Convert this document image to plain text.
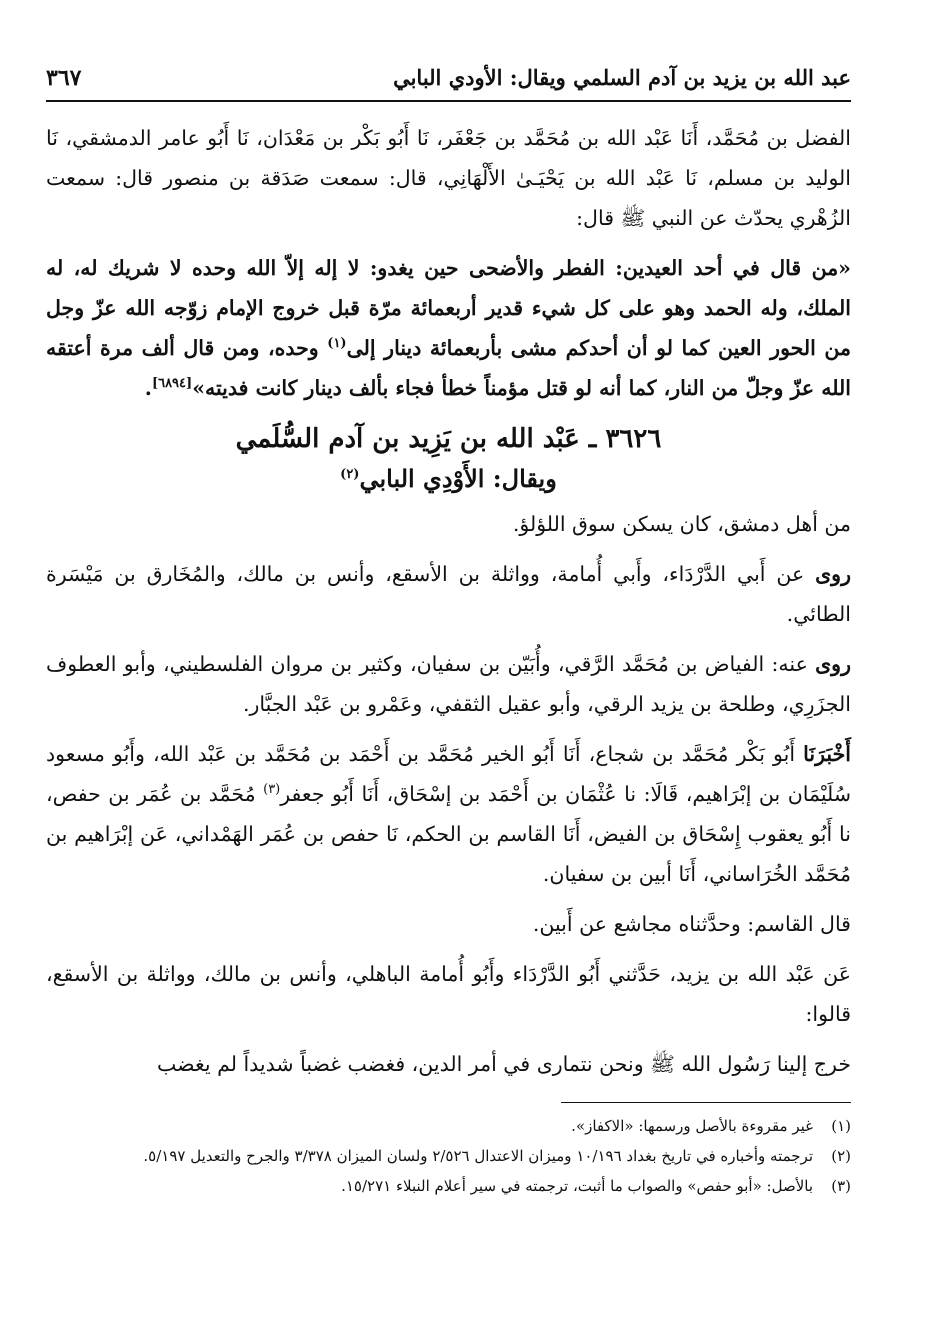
عبد الله بن يزيد بن آدم السلمي ويقال: الأودي البابي
٣٦٧

الفضل بن مُحَمَّد، أَنَا عَبْد الله بن مُحَمَّد بن جَعْفَر، نَا أَبُو بَكْر بن مَعْدَان، نَا أَبُو عامر الدمشقي، نَا الوليد بن مسلم، نَا عَبْد الله بن يَحْيَـىٰ الأَلْهَانِي، قال: سمعت صَدَقة بن منصور قال: سمعت الزُهْري يحدّث عن النبي ﷺ قال:

«من قال في أحد العيدين: الفطر والأضحى حين يغدو: لا إله إلاّ الله وحده لا شريك له، له الملك، وله الحمد وهو على كل شيء قدير أربعمائة مرّة قبل خروج الإمام زوّجه الله عزّ وجل من الحور العين كما لو أن أحدكم مشى بأربعمائة دينار إلى$^{(١)}$ وحده، ومن قال ألف مرة أعتقه الله عزّ وجلّ من النار، كما أنه لو قتل مؤمناً خطأ فجاء بألف دينار كانت فديته»[٦٨٩٤].

٣٦٢٦ ـ عَبْد الله بن يَزِيد بن آدم السُّلَمي
ويقال: الأَوْدِي البابي$^{(٢)}$

من أهل دمشق، كان يسكن سوق اللؤلؤ.

روى عن أَبي الدَّرْدَاء، وأَبي أُمامة، وواثلة بن الأسقع، وأنس بن مالك، والمُخَارق بن مَيْسَرة الطائي.

روى عنه: الفياض بن مُحَمَّد الرَّقي، وأُبَيّن بن سفيان، وكثير بن مروان الفلسطيني، وأبو العطوف الجزَرِي، وطلحة بن يزيد الرقي، وأبو عقيل الثقفي، وعَمْرو بن عَبْد الجبَّار.

أَخْبَرَنَا أَبُو بَكْر مُحَمَّد بن شجاع، أَنَا أَبُو الخير مُحَمَّد بن أَحْمَد بن مُحَمَّد بن عَبْد الله، وأَبُو مسعود سُلَيْمَان بن إبْرَاهيم، قَالَا: نا عُثْمَان بن أَحْمَد بن إسْحَاق، أَنَا أَبُو جعفر$^{(٣)}$ مُحَمَّد بن عُمَر بن حفص، نا أَبُو يعقوب إِسْحَاق بن الفيض، أَنَا القاسم بن الحكم، نَا حفص بن عُمَر الهَمْداني، عَن إبْرَاهيم بن مُحَمَّد الخُرَاساني، أَنَا أبين بن سفيان.

قال القاسم: وحدَّثناه مجاشع عن أَبين.

عَن عَبْد الله بن يزيد، حَدَّثني أَبُو الدَّرْدَاء وأَبُو أُمامة الباهلي، وأنس بن مالك، وواثلة بن الأسقع، قالوا:

خرج إلينا رَسُول الله ﷺ ونحن نتمارى في أمر الدين، فغضب غضباً شديداً لم يغضب

(١)
غير مقروءة بالأصل ورسمها: «الاكفاز».
(٢)
ترجمته وأخباره في تاريخ بغداد ١٠/١٩٦ وميزان الاعتدال ٢/٥٢٦ ولسان الميزان ٣/٣٧٨ والجرح والتعديل ٥/١٩٧.
(٣)
بالأصل: «أبو حفص» والصواب ما أثبت، ترجمته في سير أعلام النبلاء ١٥/٢٧١.
